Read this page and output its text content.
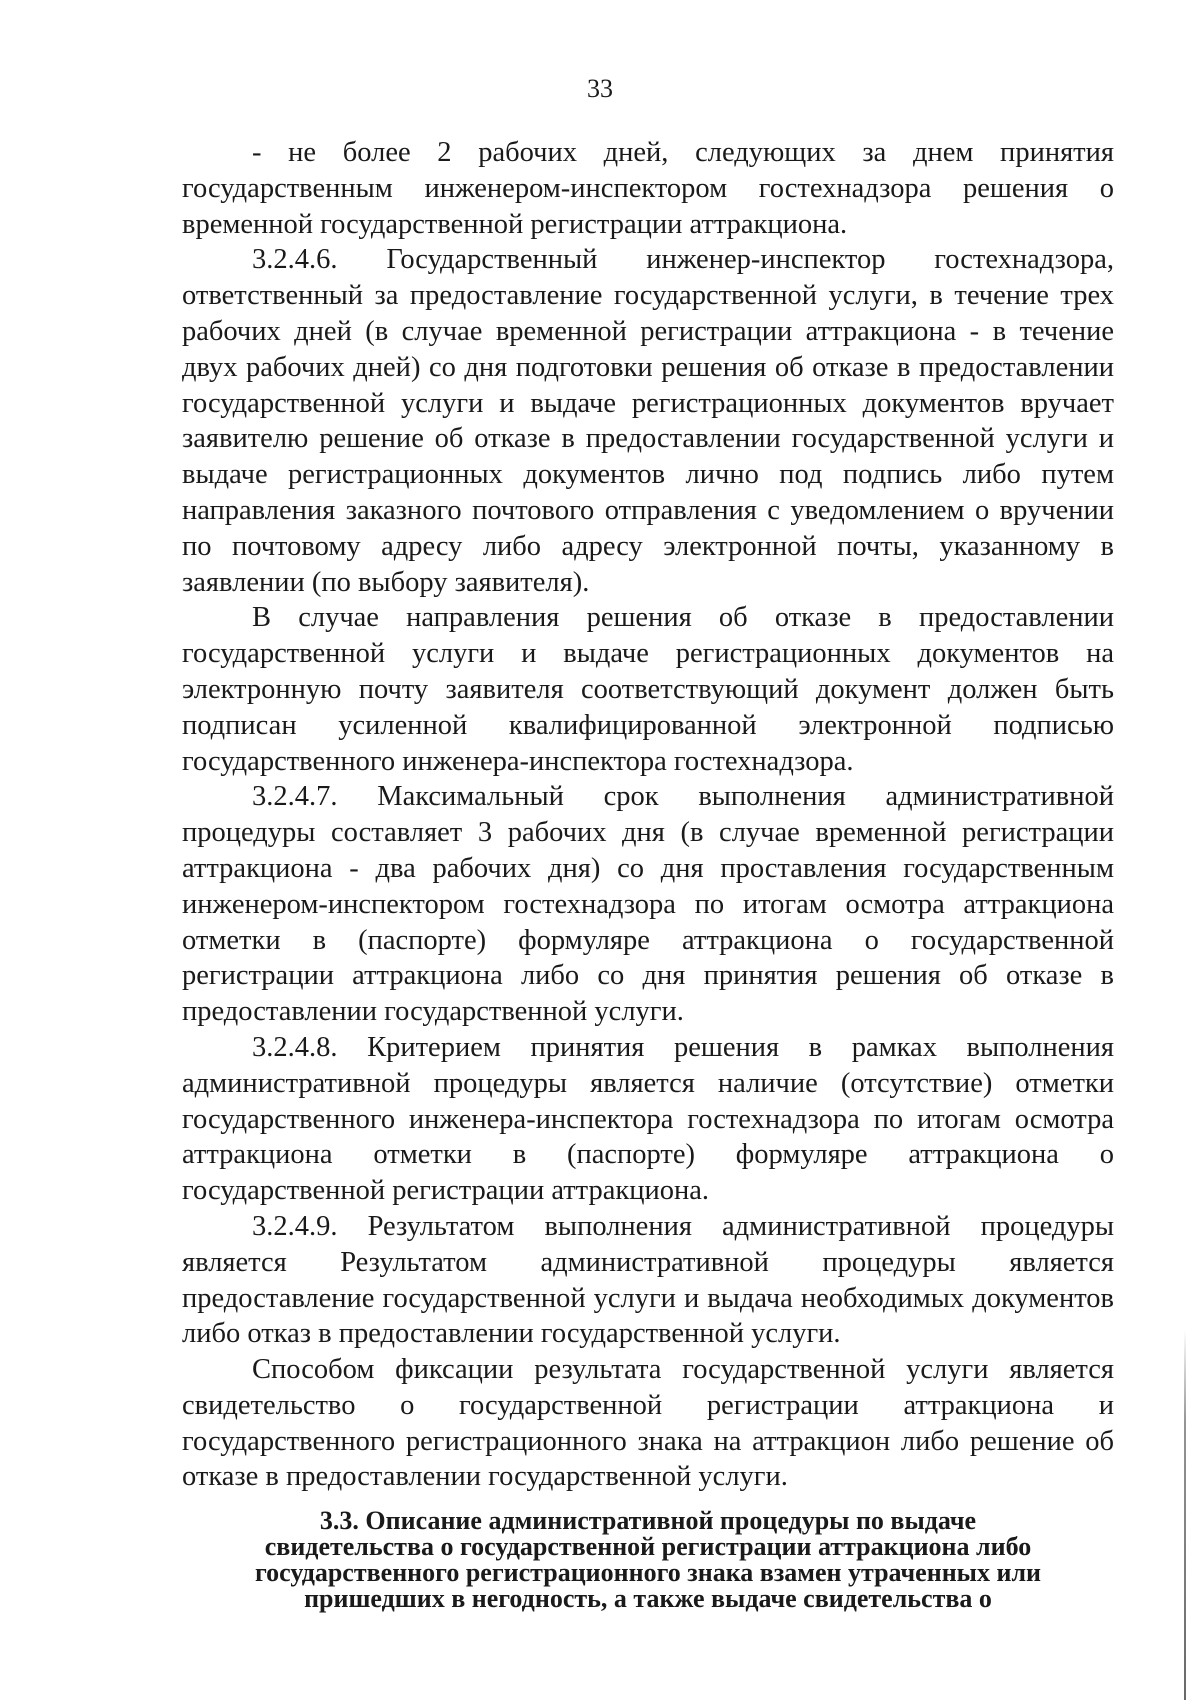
33

- не более 2 рабочих дней, следующих за днем принятия государственным инженером-инспектором гостехнадзора решения о временной государственной регистрации аттракциона.

3.2.4.6. Государственный инженер-инспектор гостехнадзора, ответственный за предоставление государственной услуги, в течение трех рабочих дней (в случае временной регистрации аттракциона - в течение двух рабочих дней) со дня подготовки решения об отказе в предоставлении государственной услуги и выдаче регистрационных документов вручает заявителю решение об отказе в предоставлении государственной услуги и выдаче регистрационных документов лично под подпись либо путем направления заказного почтового отправления с уведомлением о вручении по почтовому адресу либо адресу электронной почты, указанному в заявлении (по выбору заявителя).

В случае направления решения об отказе в предоставлении государственной услуги и выдаче регистрационных документов на электронную почту заявителя соответствующий документ должен быть подписан усиленной квалифицированной электронной подписью государственного инженера-инспектора гостехнадзора.

3.2.4.7. Максимальный срок выполнения административной процедуры составляет 3 рабочих дня (в случае временной регистрации аттракциона - два рабочих дня) со дня проставления государственным инженером-инспектором гостехнадзора по итогам осмотра аттракциона отметки в (паспорте) формуляре аттракциона о государственной регистрации аттракциона либо со дня принятия решения об отказе в предоставлении государственной услуги.

3.2.4.8. Критерием принятия решения в рамках выполнения административной процедуры является наличие (отсутствие) отметки государственного инженера-инспектора гостехнадзора по итогам осмотра аттракциона отметки в (паспорте) формуляре аттракциона о государственной регистрации аттракциона.

3.2.4.9. Результатом выполнения административной процедуры является Результатом административной процедуры является предоставление государственной услуги и выдача необходимых документов либо отказ в предоставлении государственной услуги.

Способом фиксации результата государственной услуги является свидетельство о государственной регистрации аттракциона и государственного регистрационного знака на аттракцион либо решение об отказе в предоставлении государственной услуги.

3.3. Описание административной процедуры по выдаче
свидетельства о государственной регистрации аттракциона либо
государственного регистрационного знака взамен утраченных или
пришедших в негодность, а также выдаче свидетельства о
